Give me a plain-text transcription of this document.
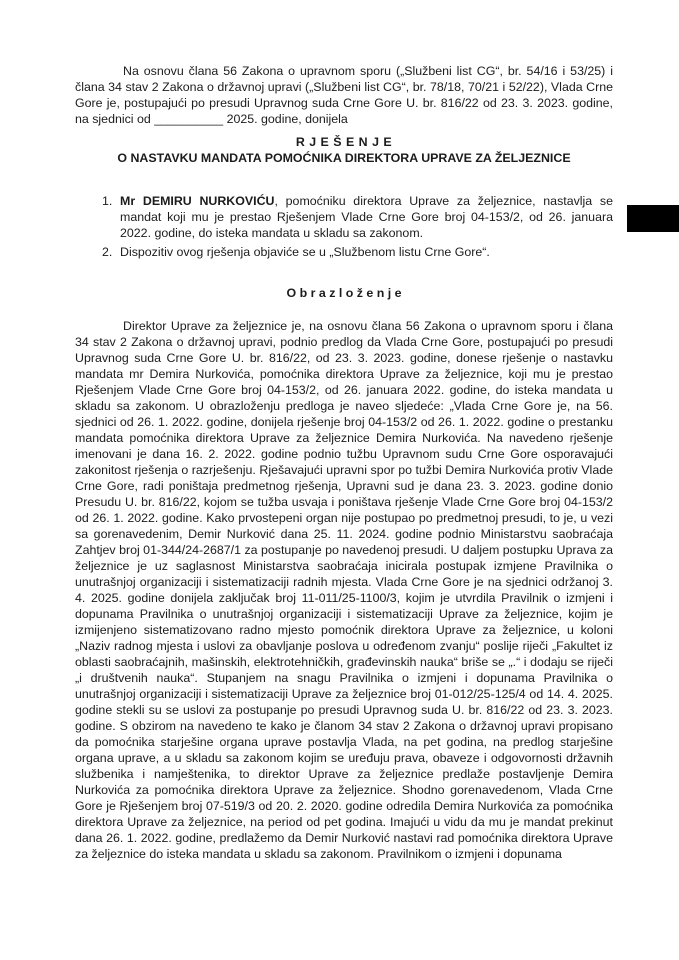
Na osnovu člana 56 Zakona o upravnom sporu („Službeni list CG“, br. 54/16 i 53/25) i člana 34 stav 2 Zakona o državnoj upravi („Službeni list CG“, br. 78/18, 70/21 i 52/22), Vlada Crne Gore je, postupajući po presudi Upravnog suda Crne Gore U. br. 816/22 od 23. 3. 2023. godine, na sjednici od __________ 2025. godine, donijela

R J E Š E N J E
O NASTAVKU MANDATA POMOĆNIKA DIREKTORA UPRAVE ZA ŽELJEZNICE
1. Mr DEMIRU NURKOVIĆU, pomoćniku direktora Uprave za željeznice, nastavlja se mandat koji mu je prestao Rješenjem Vlade Crne Gore broj 04-153/2, od 26. januara 2022. godine, do isteka mandata u skladu sa zakonom.
2. Dispozitiv ovog rješenja objaviće se u „Službenom listu Crne Gore“.
O b r a z l o ž e n j e

Direktor Uprave za željeznice je, na osnovu člana 56 Zakona o upravnom sporu i člana 34 stav 2 Zakona o državnoj upravi, podnio predlog da Vlada Crne Gore, postupajući po presudi Upravnog suda Crne Gore U. br. 816/22, od 23. 3. 2023. godine, donese rješenje o nastavku mandata mr Demira Nurkovića, pomoćnika direktora Uprave za željeznice, koji mu je prestao Rješenjem Vlade Crne Gore broj 04-153/2, od 26. januara 2022. godine, do isteka mandata u skladu sa zakonom. U obrazloženju predloga je naveo sljedeće: „Vlada Crne Gore je, na 56. sjednici od 26. 1. 2022. godine, donijela rješenje broj 04-153/2 od 26. 1. 2022. godine o prestanku mandata pomoćnika direktora Uprave za željeznice Demira Nurkovića. Na navedeno rješenje imenovani je dana 16. 2. 2022. godine podnio tužbu Upravnom sudu Crne Gore osporavajući zakonitost rješenja o razrješenju. Rješavajući upravni spor po tužbi Demira Nurkovića protiv Vlade Crne Gore, radi poništaja predmetnog rješenja, Upravni sud je dana 23. 3. 2023. godine donio Presudu U. br. 816/22, kojom se tužba usvaja i poništava rješenje Vlade Crne Gore broj 04-153/2 od 26. 1. 2022. godine. Kako prvostepeni organ nije postupao po predmetnoj presudi, to je, u vezi sa gorenavedenim, Demir Nurković dana 25. 11. 2024. godine podnio Ministarstvu saobraćaja Zahtjev broj 01-344/24-2687/1 za postupanje po navedenoj presudi. U daljem postupku Uprava za željeznice je uz saglasnost Ministarstva saobraćaja inicirala postupak izmjene Pravilnika o unutrašnjoj organizaciji i sistematizaciji radnih mjesta. Vlada Crne Gore je na sjednici održanoj 3. 4. 2025. godine donijela zaključak broj 11-011/25-1100/3, kojim je utvrdila Pravilnik o izmjeni i dopunama Pravilnika o unutrašnjoj organizaciji i sistematizaciji Uprave za željeznice, kojim je izmijenjeno sistematizovano radno mjesto pomoćnik direktora Uprave za željeznice, u koloni „Naziv radnog mjesta i uslovi za obavljanje poslova u određenom zvanju“ poslije riječi „Fakultet iz oblasti saobraćajnih, mašinskih, elektrotehničkih, građevinskih nauka“ briše se „.“ i dodaju se riječi „i društvenih nauka“. Stupanjem na snagu Pravilnika o izmjeni i dopunama Pravilnika o unutrašnjoj organizaciji i sistematizaciji Uprave za željeznice broj 01-012/25-125/4 od 14. 4. 2025. godine stekli su se uslovi za postupanje po presudi Upravnog suda U. br. 816/22 od 23. 3. 2023. godine. S obzirom na navedeno te kako je članom 34 stav 2 Zakona o državnoj upravi propisano da pomoćnika starješine organa uprave postavlja Vlada, na pet godina, na predlog starješine organa uprave, a u skladu sa zakonom kojim se uređuju prava, obaveze i odgovornosti državnih službenika i namještenika, to direktor Uprave za željeznice predlaže postavljenje Demira Nurkovića za pomoćnika direktora Uprave za željeznice. Shodno gorenavedenom, Vlada Crne Gore je Rješenjem broj 07-519/3 od 20. 2. 2020. godine odredila Demira Nurkovića za pomoćnika direktora Uprave za željeznice, na period od pet godina. Imajući u vidu da mu je mandat prekinut dana 26. 1. 2022. godine, predlažemo da Demir Nurković nastavi rad pomoćnika direktora Uprave za željeznice do isteka mandata u skladu sa zakonom. Pravilnikom o izmjeni i dopunama
